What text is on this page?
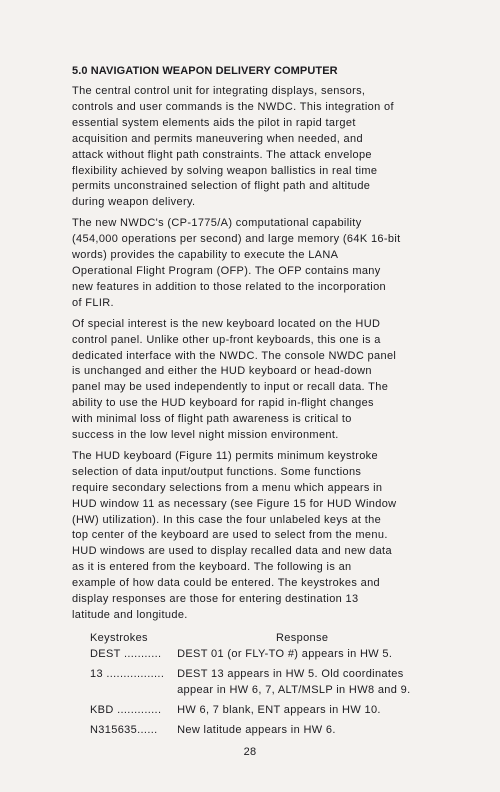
5.0 NAVIGATION WEAPON DELIVERY COMPUTER
The central control unit for integrating displays, sensors,
controls and user commands is the NWDC. This integration of
essential system elements aids the pilot in rapid target
acquisition and permits maneuvering when needed, and
attack without flight path constraints. The attack envelope
flexibility achieved by solving weapon ballistics in real time
permits unconstrained selection of flight path and altitude
during weapon delivery.
The new NWDC's (CP-1775/A) computational capability
(454,000 operations per second) and large memory (64K 16-bit
words) provides the capability to execute the LANA
Operational Flight Program (OFP). The OFP contains many
new features in addition to those related to the incorporation
of FLIR.
Of special interest is the new keyboard located on the HUD
control panel. Unlike other up-front keyboards, this one is a
dedicated interface with the NWDC. The console NWDC panel
is unchanged and either the HUD keyboard or head-down
panel may be used independently to input or recall data. The
ability to use the HUD keyboard for rapid in-flight changes
with minimal loss of flight path awareness is critical to
success in the low level night mission environment.
The HUD keyboard (Figure 11) permits minimum keystroke
selection of data input/output functions. Some functions
require secondary selections from a menu which appears in
HUD window 11 as necessary (see Figure 15 for HUD Window
(HW) utilization). In this case the four unlabeled keys at the
top center of the keyboard are used to select from the menu.
HUD windows are used to display recalled data and new data
as it is entered from the keyboard. The following is an
example of how data could be entered. The keystrokes and
display responses are those for entering destination 13
latitude and longitude.
Keystrokes	Response
DEST ...........	DEST 01 (or FLY-TO #) appears in HW 5.
13 .................	DEST 13 appears in HW 5. Old coordinates
appear in HW 6, 7, ALT/MSLP in HW8 and 9.
KBD .............	HW 6, 7 blank, ENT appears in HW 10.
N315635......	New latitude appears in HW 6.
28
